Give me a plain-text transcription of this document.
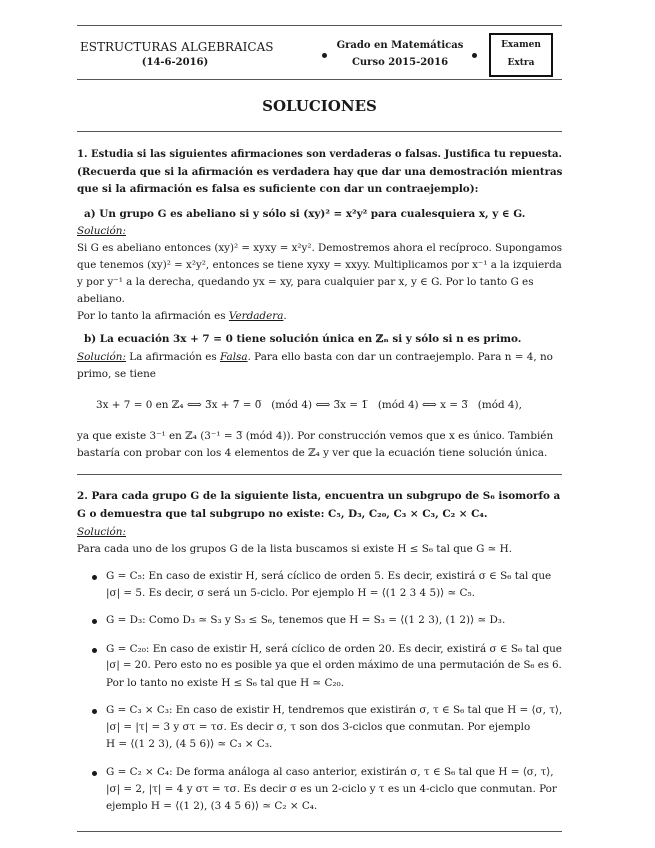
ESTRUCTURAS ALGEBRAICAS
(14-6-2016)
Grado en Matemáticas
Curso 2015-2016
Examen
Extra
SOLUCIONES
1. Estudia si las siguientes afirmaciones son verdaderas o falsas. Justifica tu repuesta.
(Recuerda que si la afirmación es verdadera hay que dar una demostración mientras
que si la afirmación es falsa es suficiente con dar un contraejemplo):
a) Un grupo G es abeliano si y sólo si (xy)² = x²y² para cualesquiera x, y ∈ G.
Solución:
Si G es abeliano entonces (xy)² = xyxy = x²y². Demostremos ahora el recíproco. Supongamos
que tenemos (xy)² = x²y², entonces se tiene xyxy = xxyy. Multiplicamos por x⁻¹ a la izquierda
y por y⁻¹ a la derecha, quedando yx = xy, para cualquier par x, y ∈ G. Por lo tanto G es
abeliano.
Por lo tanto la afirmación es Verdadera.
b) La ecuación 3x + 7 = 0 tiene solución única en ℤₙ si y sólo si n es primo.
Solución: La afirmación es Falsa. Para ello basta con dar un contraejemplo. Para n = 4, no
primo, se tiene
3x + 7 = 0 en ℤ₄ ⟺ 3̅x + 7̅ = 0̅   (mód 4) ⟺ 3̅x = 1̅   (mód 4) ⟺ x = 3̅   (mód 4),
ya que existe 3⁻¹ en ℤ₄ (3⁻¹ = 3̅ (mód 4)). Por construcción vemos que x es único. También
bastaría con probar con los 4 elementos de ℤ₄ y ver que la ecuación tiene solución única.
2. Para cada grupo G de la siguiente lista, encuentra un subgrupo de S₆ isomorfo a
G o demuestra que tal subgrupo no existe: C₅, D₃, C₂₀, C₃ × C₃, C₂ × C₄.
Solución:
Para cada uno de los grupos G de la lista buscamos si existe H ≤ S₆ tal que G ≃ H.
G = C₅: En caso de existir H, será cíclico de orden 5. Es decir, existirá σ ∈ S₆ tal que
|σ| = 5. Es decir, σ será un 5-ciclo. Por ejemplo H = ⟨(1 2 3 4 5)⟩ ≃ C₅.
G = D₃: Como D₃ ≃ S₃ y S₃ ≤ S₆, tenemos que H = S₃ = ⟨(1 2 3), (1 2)⟩ ≃ D₃.
G = C₂₀: En caso de existir H, será cíclico de orden 20. Es decir, existirá σ ∈ S₆ tal que
|σ| = 20. Pero esto no es posible ya que el orden máximo de una permutación de S₆ es 6.
Por lo tanto no existe H ≤ S₆ tal que H ≃ C₂₀.
G = C₃ × C₃: En caso de existir H, tendremos que existirán σ, τ ∈ S₆ tal que H = ⟨σ, τ⟩,
|σ| = |τ| = 3 y στ = τσ. Es decir σ, τ son dos 3-ciclos que conmutan. Por ejemplo
H = ⟨(1 2 3), (4 5 6)⟩ ≃ C₃ × C₃.
G = C₂ × C₄: De forma análoga al caso anterior, existirán σ, τ ∈ S₆ tal que H = ⟨σ, τ⟩,
|σ| = 2, |τ| = 4 y στ = τσ. Es decir σ es un 2-ciclo y τ es un 4-ciclo que conmutan. Por
ejemplo H = ⟨(1 2), (3 4 5 6)⟩ ≃ C₂ × C₄.
